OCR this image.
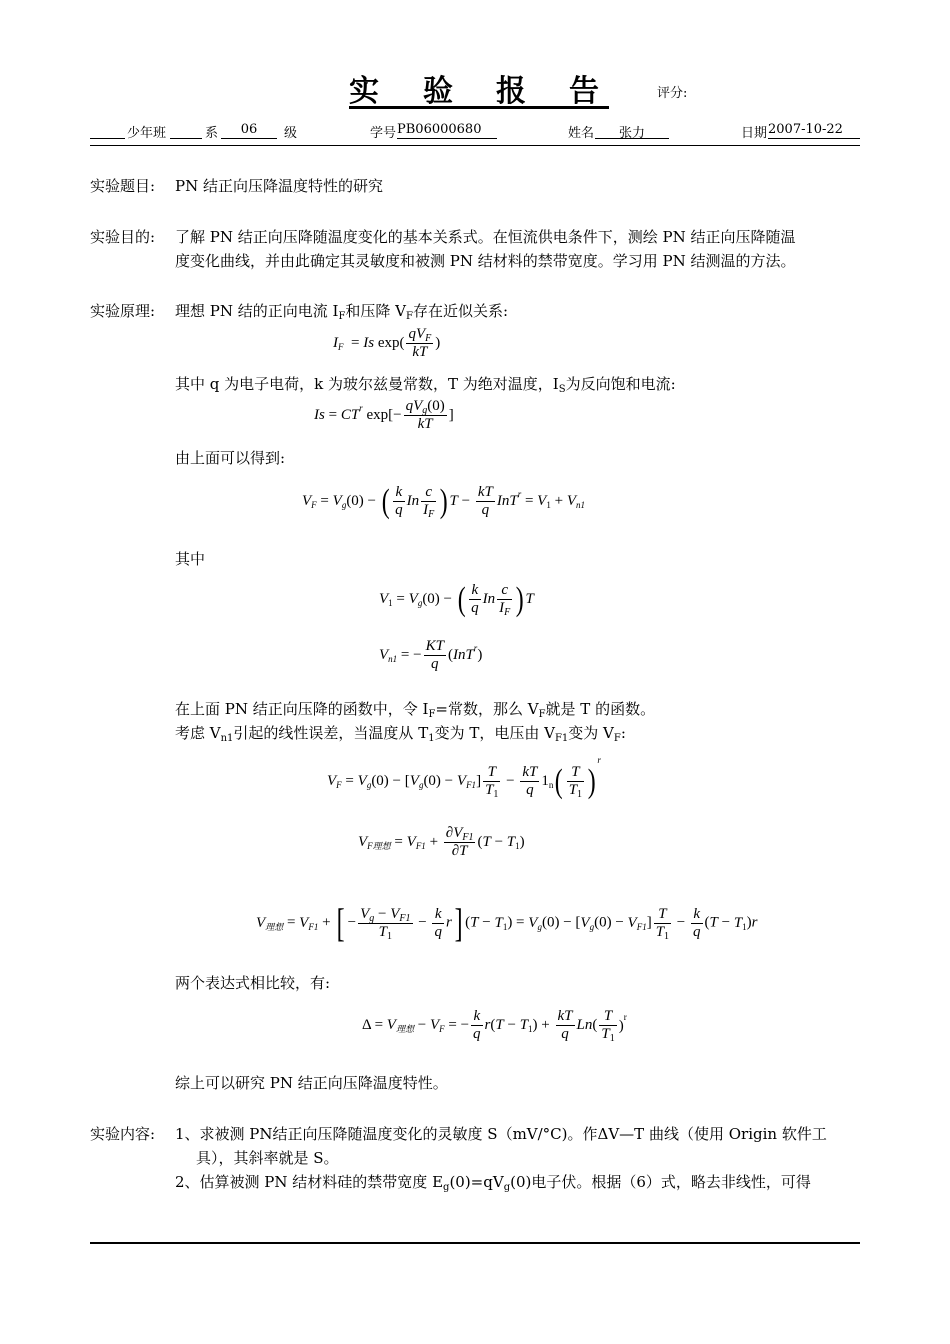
实 验 报 告	评分:
少年班	系	06	级	学号 PB06000680	姓名	张力	日期 2007-10-22
实验题目: PN 结正向压降温度特性的研究
实验目的: 了解 PN 结正向压降随温度变化的基本关系式。在恒流供电条件下，测绘 PN 结正向压降随温
度变化曲线，并由此确定其灵敏度和被测 PN 结材料的禁带宽度。学习用 PN 结测温的方法。
实验原理: 理想 PN 结的正向电流 $I_F$和压降 $V_F$存在近似关系:
$I_F = Is$ $\exp( \frac{qV_F}{kT}$ )
其中 q 为电子电荷，k 为玻尔兹曼常数，T 为绝对温度，$I_S$为反向饱和电流:
$Is = CT^r$ $\exp[- \frac{qV_g(0)}{kT}$ ]
由上面可以得到:
$V_F = V_g(0)$ − ( $\frac{k}{q}$ In $\frac{c}{I_F}$ ) $T - \frac{kT}{q} InT^r = V_1 + V_{n1}$
其中
$V_1 = V_g(0)$ − ( $\frac{k}{q}$ In $\frac{c}{I_F}$ ) T
$V_{n1}$ = − $\frac{KT}{q} (InT^r)$
在上面 PN 结正向压降的函数中，令 $I_F=$常数，那么 $V_F$就是 T 的函数。
考虑 $V_{n1}$引起的线性误差，当温度从 $T_1$变为 T，电压由 $V_{F1}$变为 $V_F$:
$V_F = V_g(0) - [V_g(0) - V_{F1}] \frac{T}{T_1} - \frac{kT}{q} 1_n( \frac{T}{T_1} )^r$
$V_{F理想} = V_{F1} + \frac{\partial V_{F1}}{\partial T} (T - T_1)$
$V_{理想} = V_{F1}$ + [ − $\frac{V_g - V_{F1}}{T_1} - \frac{k}{q} r$] $(T - T_1) = V_g(0) - [V_g(0) - V_{F1}] \frac{T}{T_1} - \frac{k}{q} (T - T_1)r$
两个表达式相比较，有:
$\Delta = V_{理想} - V_F$ = − $\frac{k}{q} r(T - T_1) + \frac{kT}{q} Ln( \frac{T}{T_1} )^r$
综上可以研究 PN 结正向压降温度特性。
实验内容: 1、求被测 PN结正向压降随温度变化的灵敏度 S（mV/°C)。作ΔV—T 曲线（使用 Origin 软件工
具），其斜率就是 S。
2、估算被测 PN 结材料硅的禁带宽度 $E_g(0)=qV_g(0)$电子伏。根据（6）式，略去非线性，可得
